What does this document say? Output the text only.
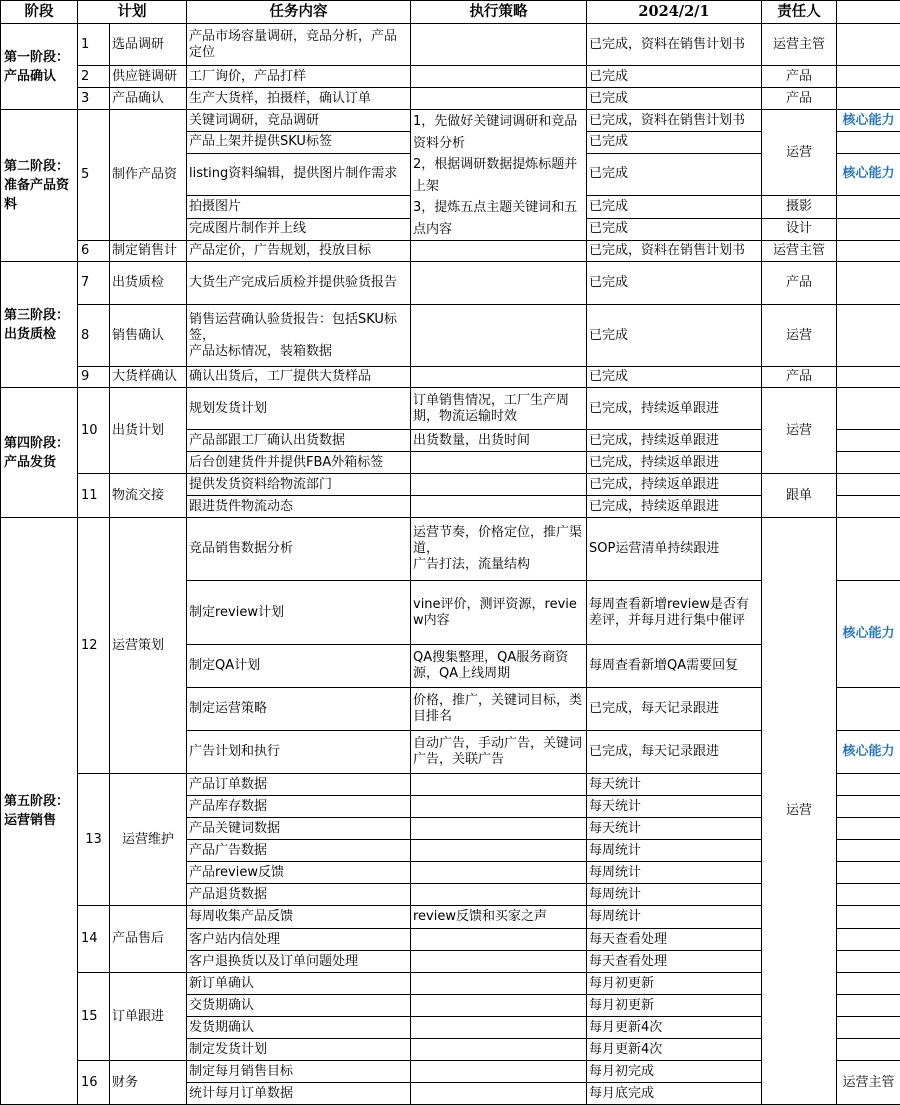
阶段	计划		任务内容	执行策略	2024/2/1	责任人		
第一阶段：产品确认	1	选品调研	产品市场容量调研，竞品分析，产品定位		已完成，资料在销售计划书	运营主管		
	2	供应链调研	工厂询价，产品打样		已完成	产品		
	3	产品确认	生产大货样，拍摄样，确认订单		已完成	产品		
第二阶段：准备产品资料	5	制作产品资	关键词调研，竞品调研	1，先做好关键词调研和竞品资料分析
2，根据调研数据提炼标题并上架
3，提炼五点主题关键词和五点内容	已完成，资料在销售计划书	运营	核心能力	
			产品上架并提供SKU标签		已完成			
			listing资料编辑，提供图片制作需求		已完成		核心能力	
			拍摄图片		已完成	摄影		
			完成图片制作并上线		已完成	设计		
	6	制定销售计	产品定价，广告规划，投放目标		已完成，资料在销售计划书	运营主管		
第三阶段：出货质检	7	出货质检	大货生产完成后质检并提供验货报告		已完成	产品		
	8	销售确认	销售运营确认验货报告：包括SKU标签，
产品达标情况，装箱数据		已完成	运营		
	9	大货样确认	确认出货后，工厂提供大货样品		已完成	产品		
第四阶段：产品发货	10	出货计划	规划发货计划	订单销售情况，工厂生产周期，物流运输时效	已完成，持续返单跟进	运营		
			产品部跟工厂确认出货数据	出货数量，出货时间	已完成，持续返单跟进			
			后台创建货件并提供FBA外箱标签		已完成，持续返单跟进			
	11	物流交接	提供发货资料给物流部门		已完成，持续返单跟进	跟单		
			跟进货件物流动态		已完成，持续返单跟进			
第五阶段：运营销售	12	运营策划	竞品销售数据分析	运营节奏，价格定位，推广渠道，
广告打法，流量结构	SOP运营清单持续跟进	运营		
			制定review计划	vine评价，测评资源，review内容	每周查看新增review是否有差评，并每月进行集中催评		核心能力	
			制定QA计划	QA搜集整理，QA服务商资源，QA上线周期	每周查看新增QA需要回复			
			制定运营策略	价格，推广，关键词目标，类目排名	已完成，每天记录跟进			
			广告计划和执行	自动广告，手动广告，关键词广告，关联广告	已完成，每天记录跟进		核心能力	
	13	运营维护	产品订单数据		每天统计			
			产品库存数据		每天统计			
			产品关键词数据		每天统计			
			产品广告数据		每周统计			
			产品review反馈		每周统计			
			产品退货数据		每周统计			
	14	产品售后	每周收集产品反馈	review反馈和买家之声	每周统计			
			客户站内信处理		每天查看处理			
			客户退换货以及订单问题处理		每天查看处理			
	15	订单跟进	新订单确认		每月初更新			
			交货期确认		每月初更新			
			发货期确认		每月更新4次			
			制定发货计划		每月更新4次			
	16	财务	制定每月销售目标		每月初完成		运营主管	
			统计每月订单数据		每月底完成			
